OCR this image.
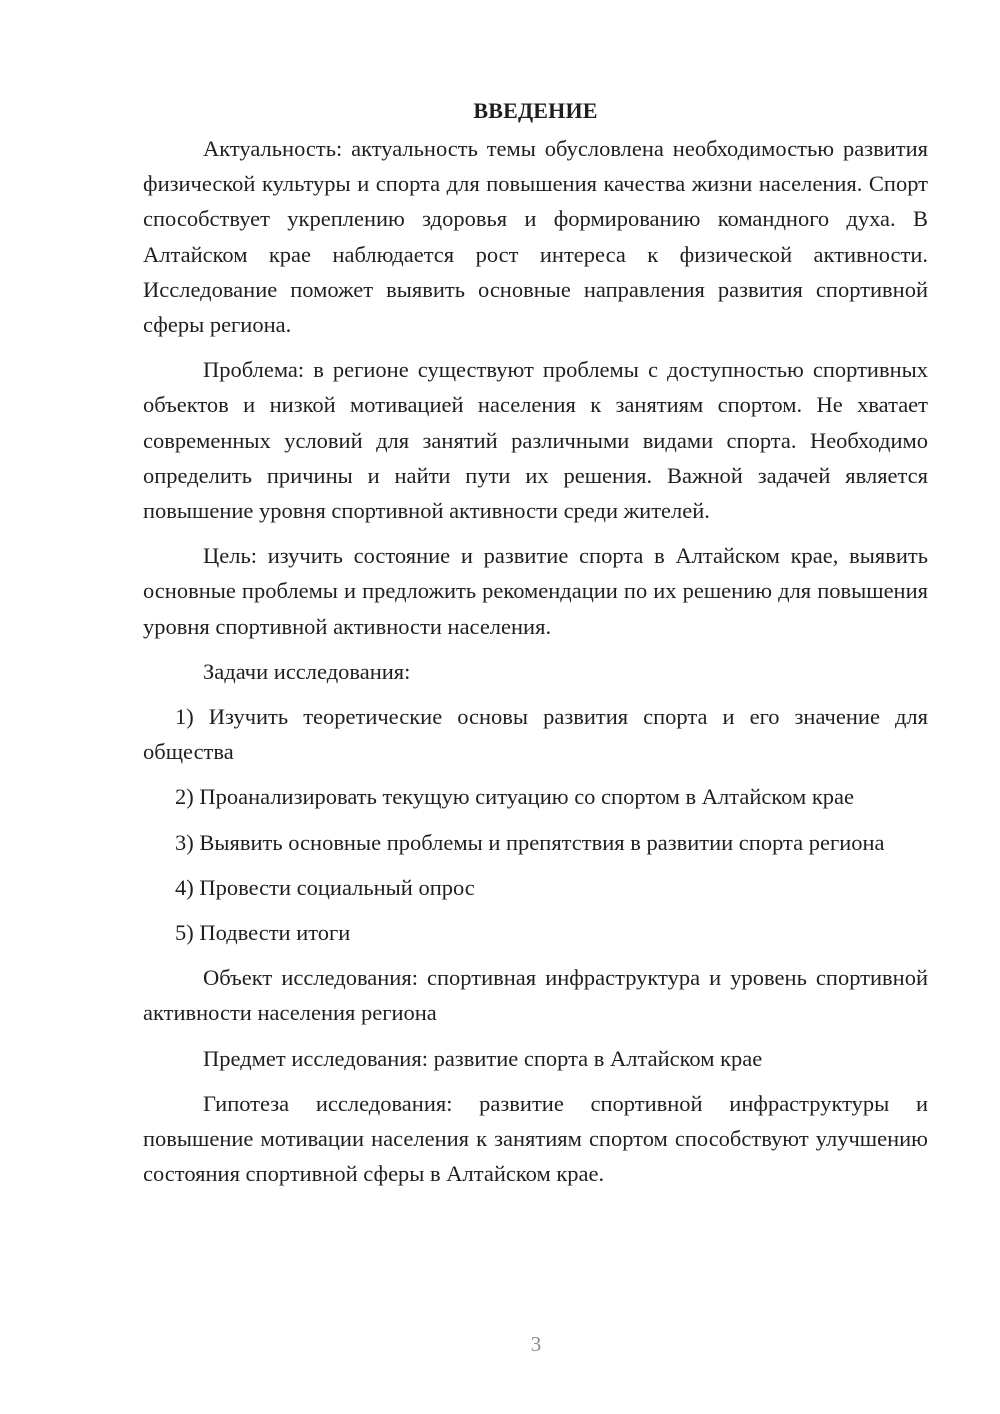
ВВЕДЕНИЕ

Актуальность: актуальность темы обусловлена необходимостью развития физической культуры и спорта для повышения качества жизни населения. Спорт способствует укреплению здоровья и формированию командного духа. В Алтайском крае наблюдается рост интереса к физической активности. Исследование поможет выявить основные направления развития спортивной сферы региона.

Проблема: в регионе существуют проблемы с доступностью спортивных объектов и низкой мотивацией населения к занятиям спортом. Не хватает современных условий для занятий различными видами спорта. Необходимо определить причины и найти пути их решения. Важной задачей является повышение уровня спортивной активности среди жителей.

Цель: изучить состояние и развитие спорта в Алтайском крае, выявить основные проблемы и предложить рекомендации по их решению для повышения уровня спортивной активности населения.

Задачи исследования:

1) Изучить теоретические основы развития спорта и его значение для общества

2) Проанализировать текущую ситуацию со спортом в Алтайском крае

3) Выявить основные проблемы и препятствия в развитии спорта региона

4) Провести социальный опрос

5) Подвести итоги

Объект исследования: спортивная инфраструктура и уровень спортивной активности населения региона

Предмет исследования: развитие спорта в Алтайском крае

Гипотеза исследования: развитие спортивной инфраструктуры и повышение мотивации населения к занятиям спортом способствуют улучшению состояния спортивной сферы в Алтайском крае.

3
